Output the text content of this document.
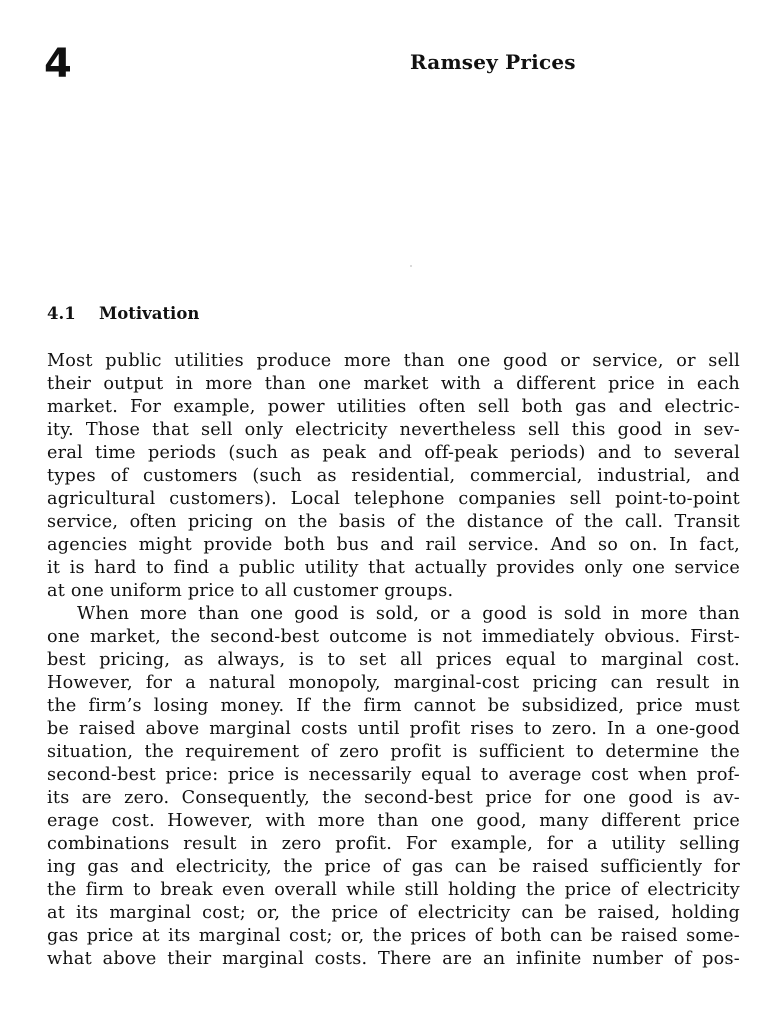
4	Ramsey Prices
4.1 Motivation

Most public utilities produce more than one good or service, or sell
their output in more than one market with a different price in each
market. For example, power utilities often sell both gas and electric-
ity. Those that sell only electricity nevertheless sell this good in sev-
eral time periods (such as peak and off-peak periods) and to several
types of customers (such as residential, commercial, industrial, and
agricultural customers). Local telephone companies sell point-to-point
service, often pricing on the basis of the distance of the call. Transit
agencies might provide both bus and rail service. And so on. In fact,
it is hard to find a public utility that actually provides only one service
at one uniform price to all customer groups.

When more than one good is sold, or a good is sold in more than
one market, the second-best outcome is not immediately obvious. First-
best pricing, as always, is to set all prices equal to marginal cost.
However, for a natural monopoly, marginal-cost pricing can result in
the firm’s losing money. If the firm cannot be subsidized, price must
be raised above marginal costs until profit rises to zero. In a one-good
situation, the requirement of zero profit is sufficient to determine the
second-best price: price is necessarily equal to average cost when prof-
its are zero. Consequently, the second-best price for one good is av-
erage cost. However, with more than one good, many different price
combinations result in zero profit. For example, for a utility selling
ing gas and electricity, the price of gas can be raised sufficiently for
the firm to break even overall while still holding the price of electricity
at its marginal cost; or, the price of electricity can be raised, holding
gas price at its marginal cost; or, the prices of both can be raised some-
what above their marginal costs. There are an infinite number of pos-
